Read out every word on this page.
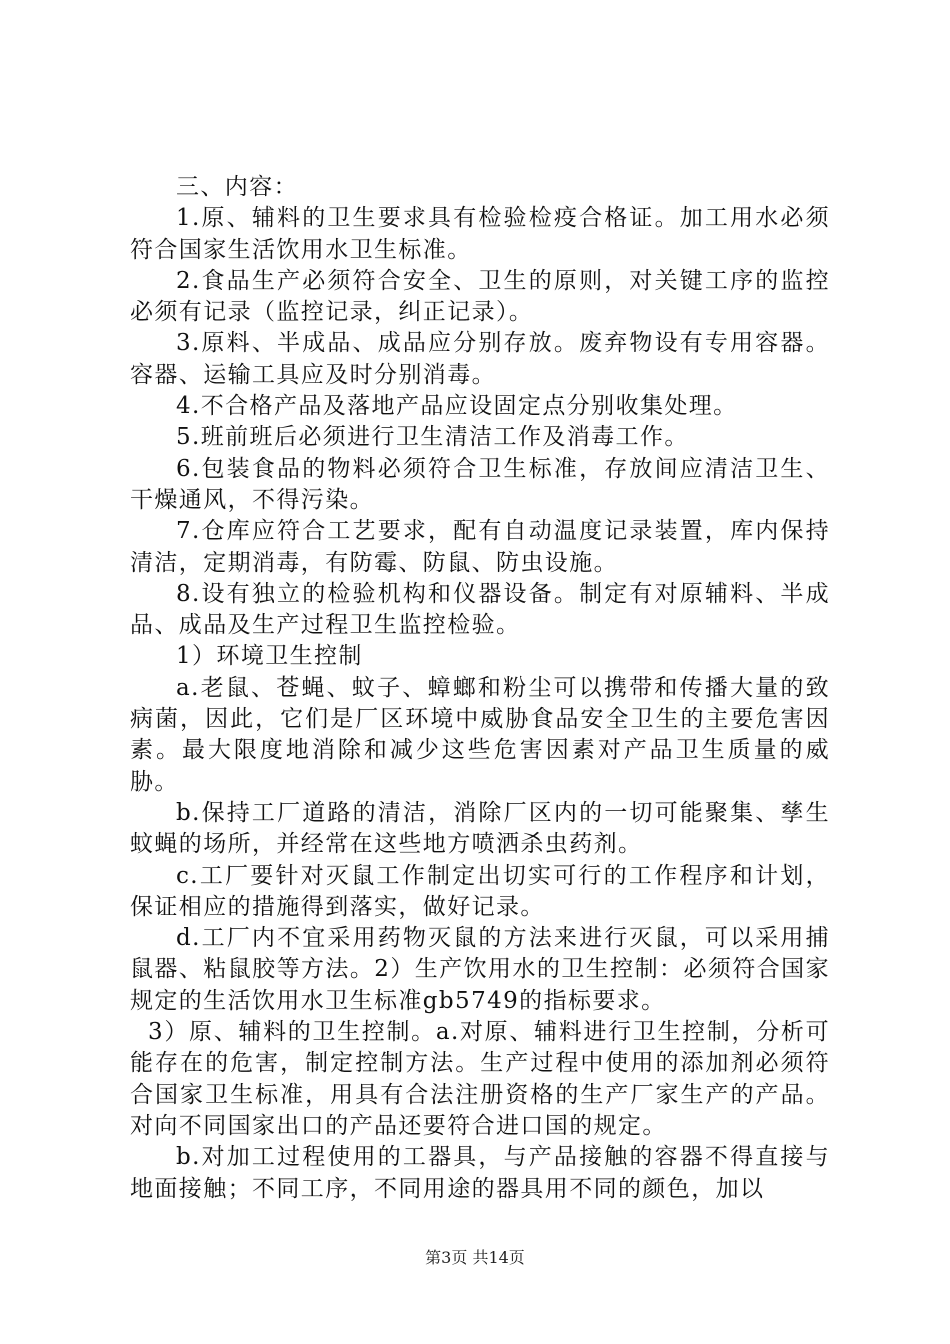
三、内容：

1.原、辅料的卫生要求具有检验检疫合格证。加工用水必须符合国家生活饮用水卫生标准。

2.食品生产必须符合安全、卫生的原则，对关键工序的监控必须有记录（监控记录，纠正记录）。

3.原料、半成品、成品应分别存放。废弃物设有专用容器。容器、运输工具应及时分别消毒。

4.不合格产品及落地产品应设固定点分别收集处理。

5.班前班后必须进行卫生清洁工作及消毒工作。

6.包装食品的物料必须符合卫生标准，存放间应清洁卫生、干燥通风，不得污染。

7.仓库应符合工艺要求，配有自动温度记录装置，库内保持清洁，定期消毒，有防霉、防鼠、防虫设施。

8.设有独立的检验机构和仪器设备。制定有对原辅料、半成品、成品及生产过程卫生监控检验。

1）环境卫生控制

a.老鼠、苍蝇、蚊子、蟑螂和粉尘可以携带和传播大量的致病菌，因此，它们是厂区环境中威胁食品安全卫生的主要危害因素。最大限度地消除和减少这些危害因素对产品卫生质量的威胁。

b.保持工厂道路的清洁，消除厂区内的一切可能聚集、孳生蚊蝇的场所，并经常在这些地方喷洒杀虫药剂。

c.工厂要针对灭鼠工作制定出切实可行的工作程序和计划，保证相应的措施得到落实，做好记录。

d.工厂内不宜采用药物灭鼠的方法来进行灭鼠，可以采用捕鼠器、粘鼠胶等方法。2）生产饮用水的卫生控制：必须符合国家规定的生活饮用水卫生标准gb5749的指标要求。

3）原、辅料的卫生控制。a.对原、辅料进行卫生控制，分析可能存在的危害，制定控制方法。生产过程中使用的添加剂必须符合国家卫生标准，用具有合法注册资格的生产厂家生产的产品。对向不同国家出口的产品还要符合进口国的规定。

b.对加工过程使用的工器具，与产品接触的容器不得直接与地面接触；不同工序，不同用途的器具用不同的颜色，加以

第3页 共14页
